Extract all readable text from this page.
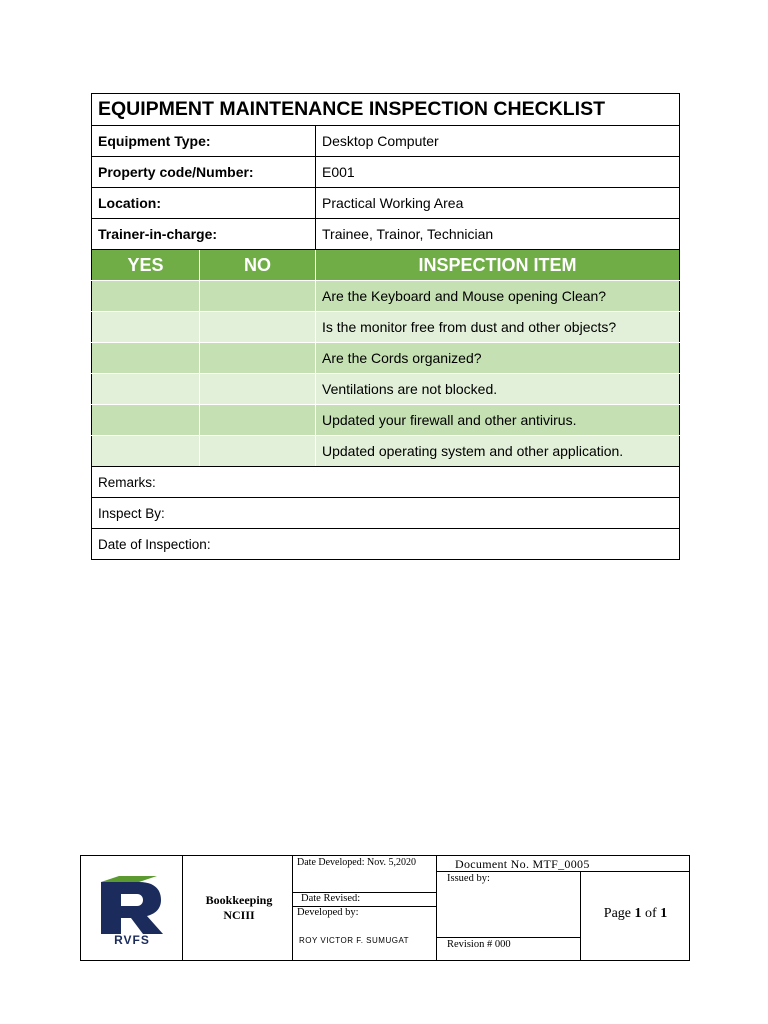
EQUIPMENT MAINTENANCE INSPECTION CHECKLIST		
Equipment Type:		Desktop Computer
Property code/Number:		E001
Location:		Practical Working Area
Trainer-in-charge:		Trainee, Trainor, Technician
YES	NO	INSPECTION ITEM
		Are the Keyboard and Mouse opening Clean?
		Is the monitor free from dust and other objects?
		Are the Cords organized?
		Ventilations are not blocked.
		Updated your firewall and other antivirus.
		Updated operating system and other application.
Remarks:		
Inspect By:		
Date of Inspection:		
RVFS
Bookkeeping
NCIII
Date Developed: Nov. 5,2020
Date Revised:
Developed by:
ROY VICTOR F. SUMUGAT
Document No. MTF_0005
Issued by:
Revision # 000
Page 1 of 1
